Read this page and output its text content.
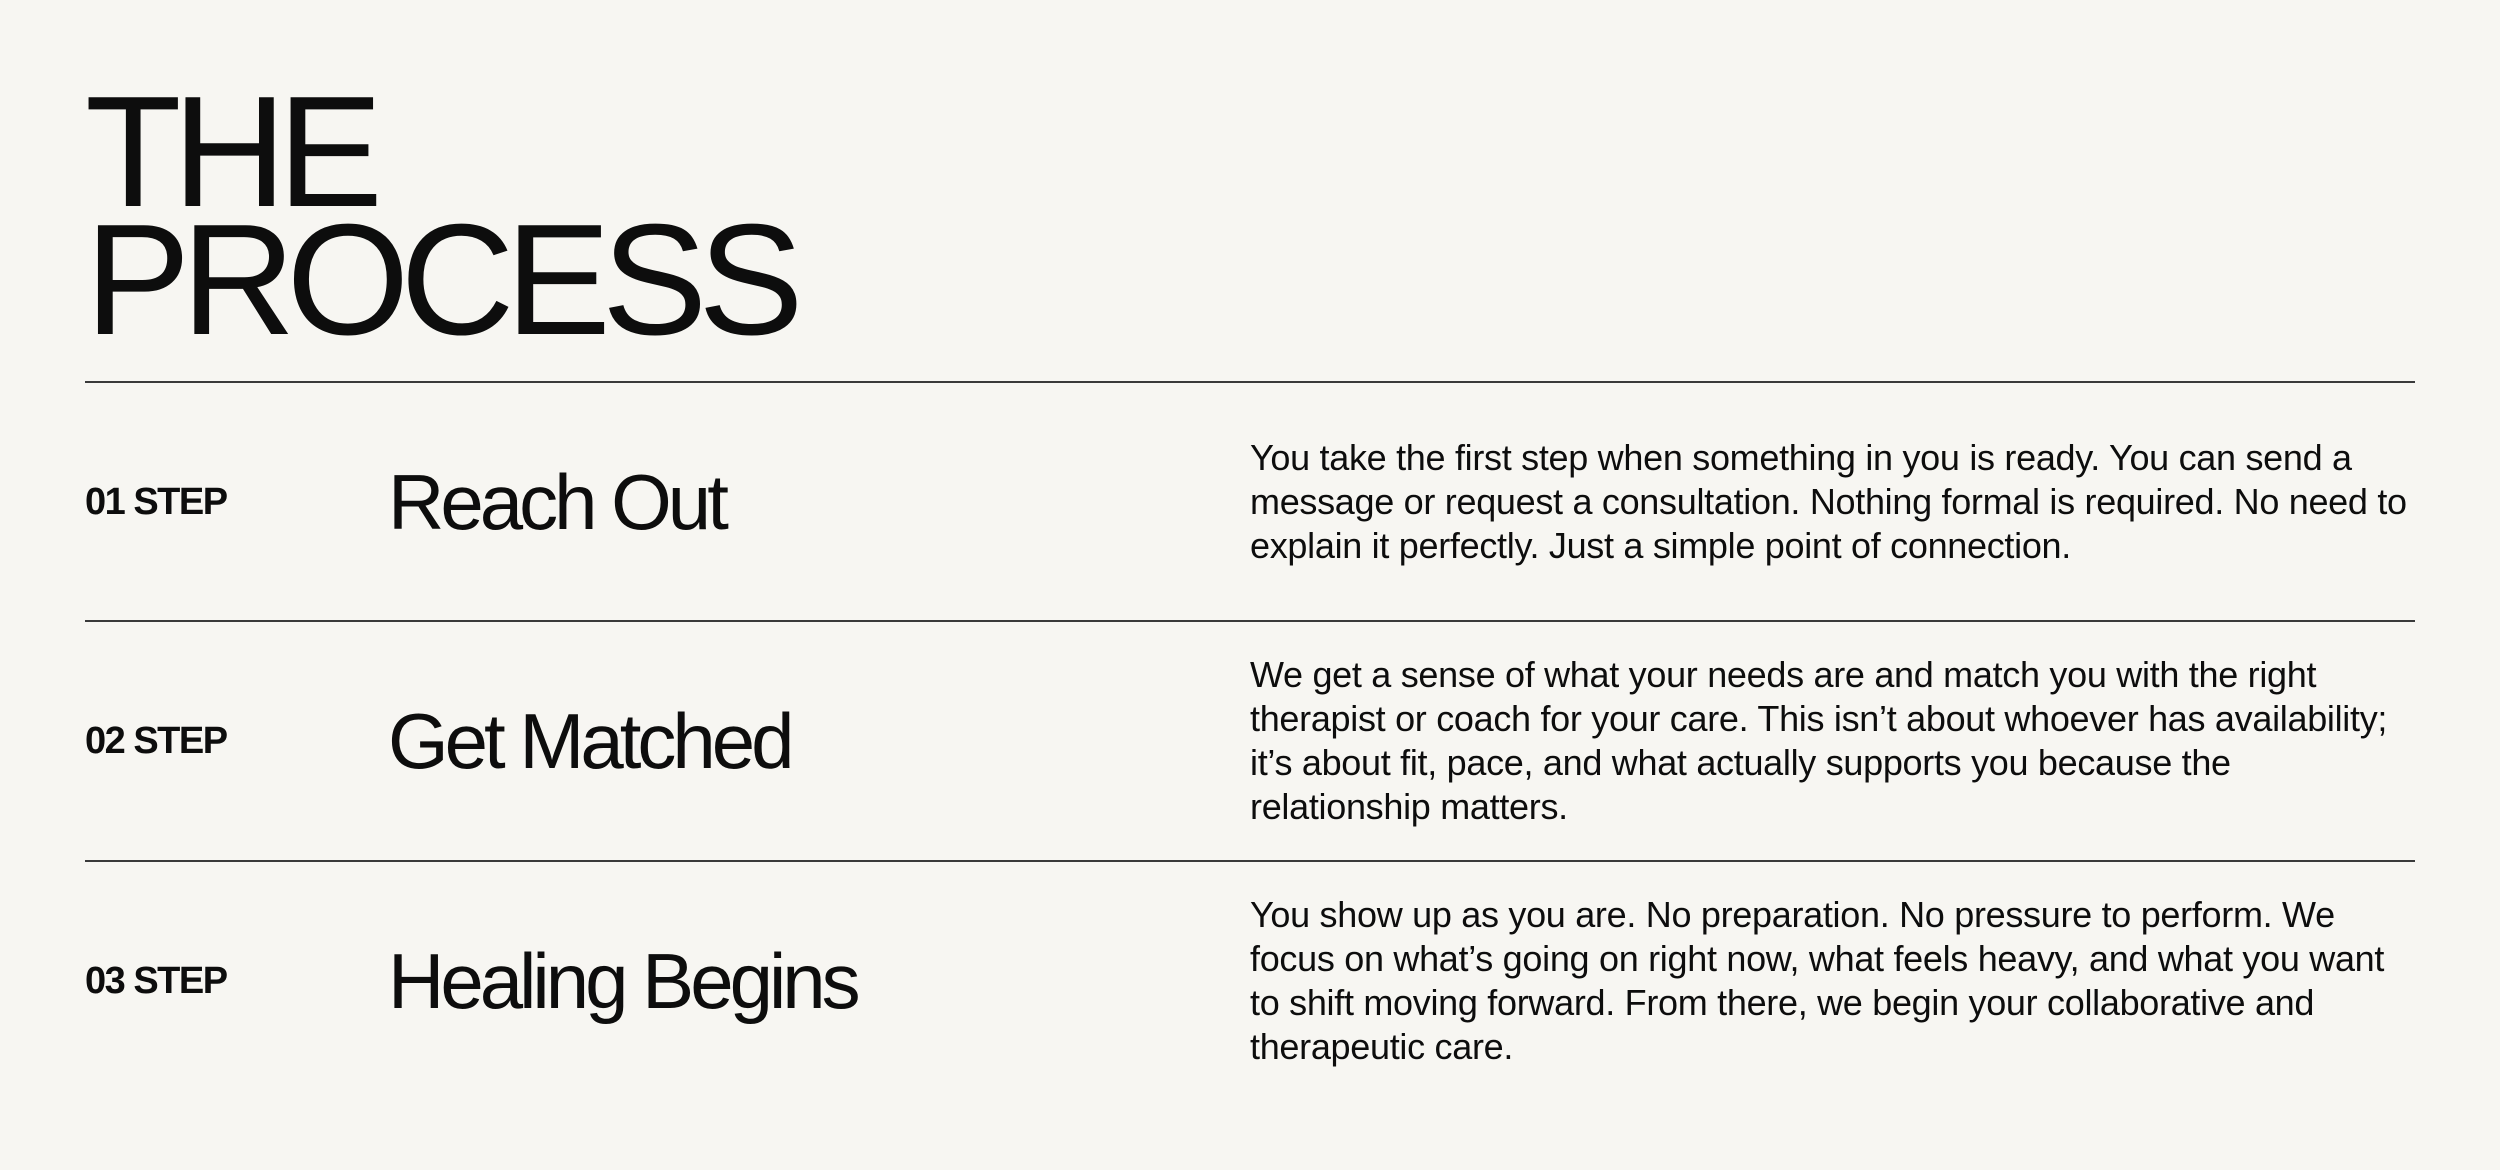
THE
PROCESS
01 STEP Reach Out	You take the first step when something in you is ready. You can send a message or request a consultation. Nothing formal is required. No need to explain it perfectly. Just a simple point of connection.

02 STEP Get Matched

We get a sense of what your needs are and match you with the right therapist or coach for your care. This isn’t about whoever has availability; it’s about fit, pace, and what actually supports you because the relationship matters.

03 STEP Healing Begins

You show up as you are. No preparation. No pressure to perform. We focus on what’s going on right now, what feels heavy, and what you want to shift moving forward. From there, we begin your collaborative and therapeutic care.
